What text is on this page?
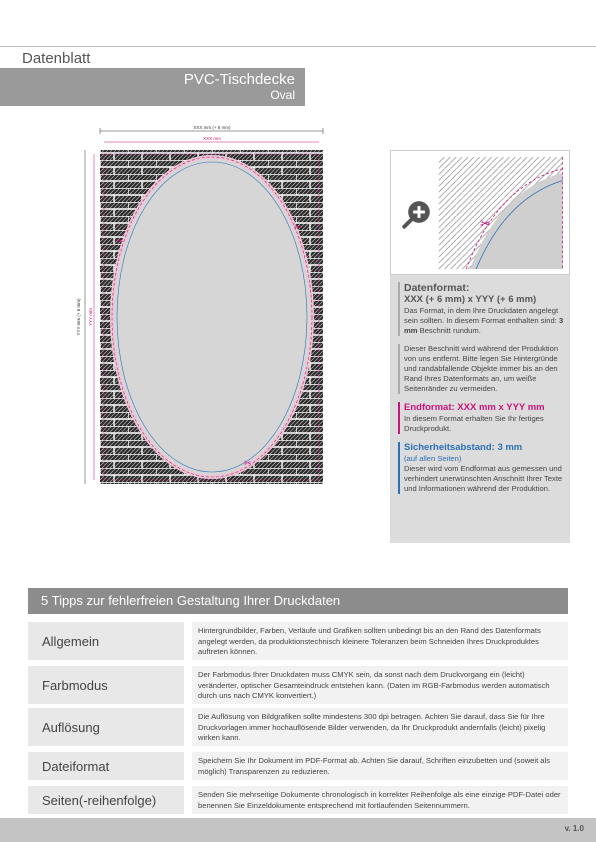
Datenblatt
PVC-Tischdecke
Oval
XXX mm (+ 6 mm)
XXX mm
YYY mm (+ 6 mm) YYY mm
✂
✂
✂
✂
Datenformat:
XXX (+ 6 mm) x YYY (+ 6 mm)
Das Format, in dem Ihre Druckdaten angelegt sein sollten. In diesem Format enthalten sind: 3 mm Beschnitt rundum.
Dieser Beschnitt wird während der Produktion von uns entfernt. Bitte legen Sie Hintergründe und randabfallende Objekte immer bis an den Rand Ihres Datenformats an, um weiße Seitenränder zu vermeiden.
Endformat: XXX mm x YYY mm
In diesem Format erhalten Sie Ihr fertiges Druckprodukt.
Sicherheitsabstand: 3 mm
(auf allen Seiten)
Dieser wird vom Endformat aus gemessen und verhindert unerwünschten Anschnitt Ihrer Texte und Informationen während der Produktion.
5 Tipps zur fehlerfreien Gestaltung Ihrer Druckdaten
Allgemein
Hintergrundbilder, Farben, Verläufe und Grafiken sollten unbedingt bis an den Rand des Datenformats angelegt werden, da produktionstechnisch kleinere Toleranzen beim Schneiden Ihres Druckproduktes auftreten können.
Farbmodus
Der Farbmodus Ihrer Druckdaten muss CMYK sein, da sonst nach dem Druckvorgang ein (leicht) veränderter, optischer Gesamteindruck entstehen kann. (Daten im RGB-Farbmodus werden automatisch durch uns nach CMYK konvertiert.)
Auflösung
Die Auflösung von Bildgrafiken sollte mindestens 300 dpi betragen. Achten Sie darauf, dass Sie für Ihre Druckvorlagen immer hochauflösende Bilder verwenden, da Ihr Druckprodukt andernfalls (leicht) pixelig wirken kann.
Dateiformat	Speichern Sie Ihr Dokument im PDF-Format ab. Achten Sie darauf, Schriften einzubetten und (soweit als möglich) Transparenzen zu reduzieren.
Seiten(-reihenfolge)	Senden Sie mehrseitige Dokumente chronologisch in korrekter Reihenfolge als eine einzige PDF-Datei oder benennen Sie Einzeldokumente entsprechend mit fortlaufenden Seitennummern.
v. 1.0
